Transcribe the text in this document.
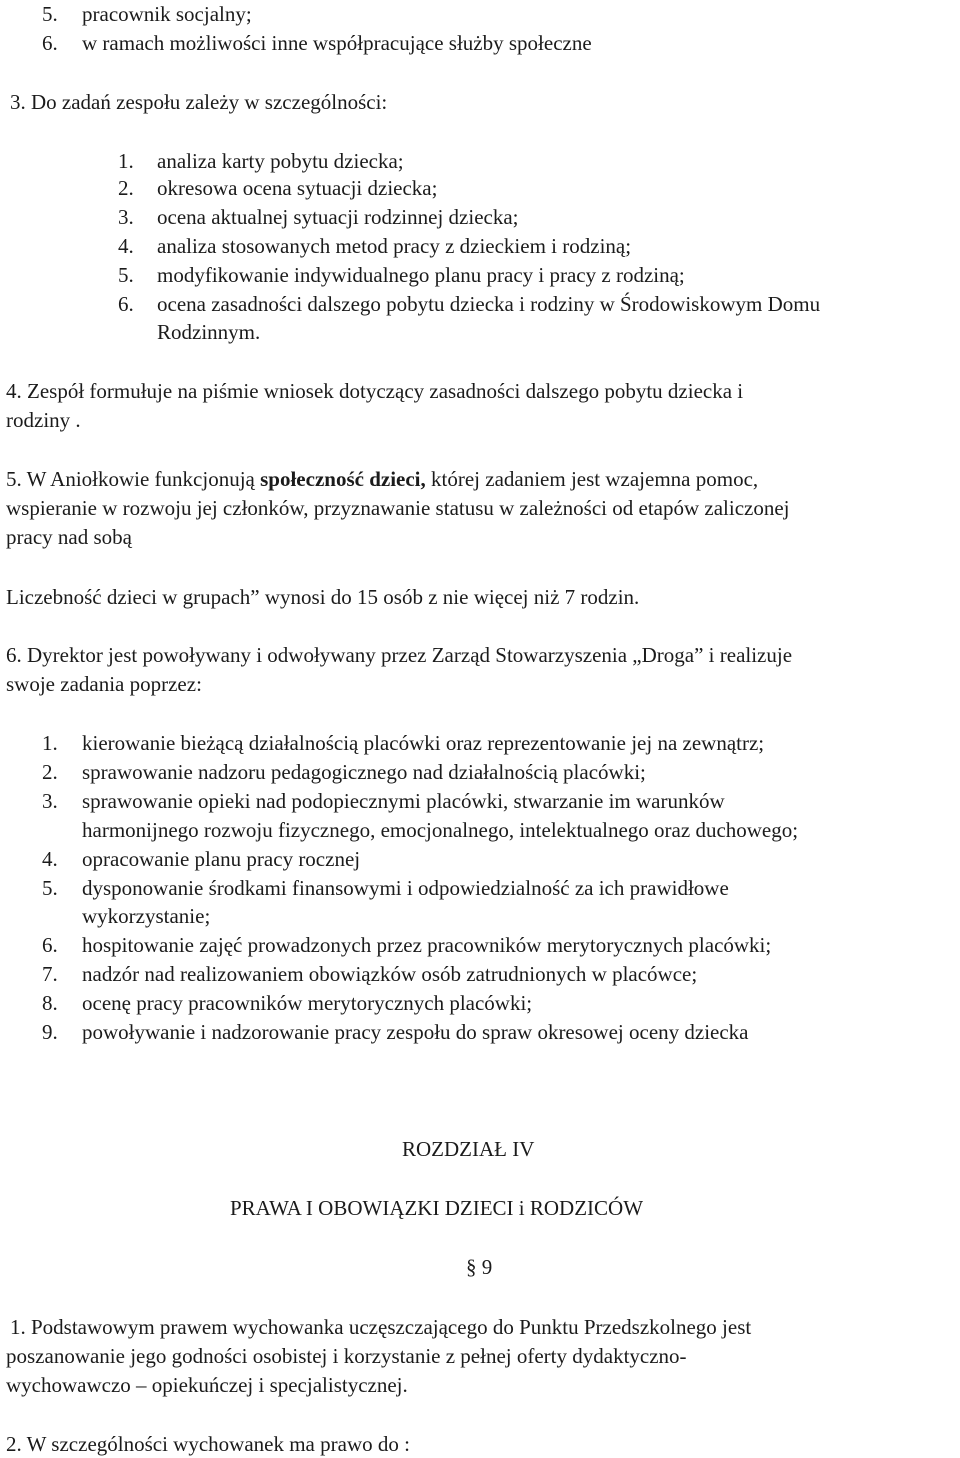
5. pracownik socjalny;
6. w ramach możliwości inne współpracujące służby społeczne
3. Do zadań zespołu zależy w szczególności:
1. analiza karty pobytu dziecka;
2. okresowa ocena sytuacji dziecka;
3. ocena aktualnej sytuacji rodzinnej dziecka;
4. analiza stosowanych metod pracy z dzieckiem i rodziną;
5. modyfikowanie indywidualnego planu pracy i pracy z rodziną;
6. ocena zasadności dalszego pobytu dziecka i rodziny w Środowiskowym Domu
Rodzinnym.
4. Zespół formułuje na piśmie wniosek dotyczący zasadności dalszego pobytu dziecka i
rodziny .
5. W Aniołkowie funkcjonują społeczność dzieci, której zadaniem jest wzajemna pomoc,
wspieranie w rozwoju jej członków, przyznawanie statusu w zależności od etapów zaliczonej
pracy nad sobą
Liczebność dzieci w grupach” wynosi do 15 osób z nie więcej niż 7 rodzin.
6. Dyrektor jest powoływany i odwoływany przez Zarząd Stowarzyszenia „Droga” i realizuje
swoje zadania poprzez:
1. kierowanie bieżącą działalnością placówki oraz reprezentowanie jej na zewnątrz;
2. sprawowanie nadzoru pedagogicznego nad działalnością placówki;
3. sprawowanie opieki nad podopiecznymi placówki, stwarzanie im warunków
harmonijnego rozwoju fizycznego, emocjonalnego, intelektualnego oraz duchowego;
4. opracowanie planu pracy rocznej
5. dysponowanie środkami finansowymi i odpowiedzialność za ich prawidłowe
wykorzystanie;
6. hospitowanie zajęć prowadzonych przez pracowników merytorycznych placówki;
7. nadzór nad realizowaniem obowiązków osób zatrudnionych w placówce;
8. ocenę pracy pracowników merytorycznych placówki;
9. powoływanie i nadzorowanie pracy zespołu do spraw okresowej oceny dziecka
ROZDZIAŁ IV
PRAWA I OBOWIĄZKI DZIECI i RODZICÓW
§ 9
1. Podstawowym prawem wychowanka uczęszczającego do Punktu Przedszkolnego jest
poszanowanie jego godności osobistej i korzystanie z pełnej oferty dydaktyczno-
wychowawczo – opiekuńczej i specjalistycznej.
2. W szczególności wychowanek ma prawo do :
